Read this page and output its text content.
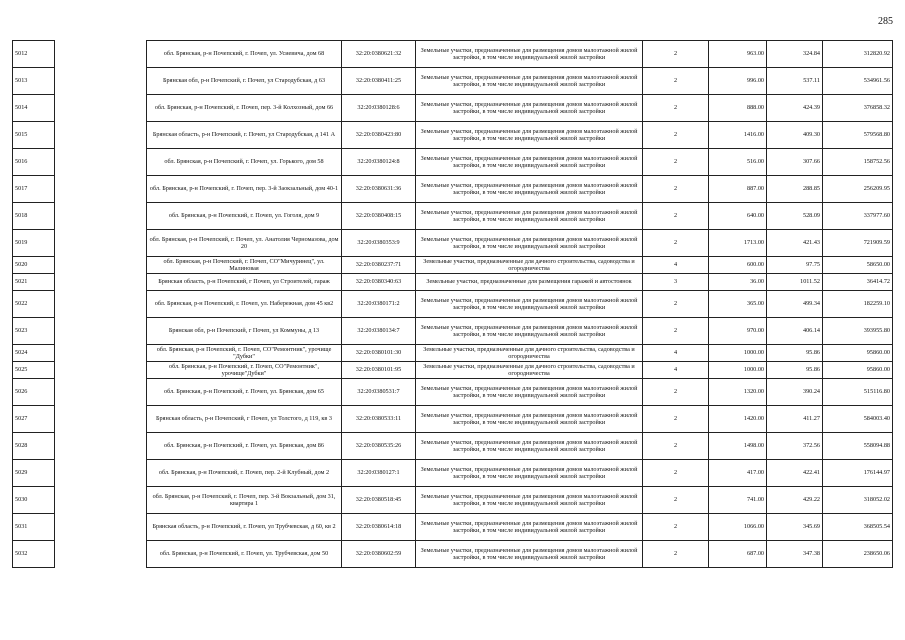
285
5012		обл. Брянская, р-н Почепский, г. Почеп, ул. Усиевича, дом 68	32:20:0380621:32	Земельные участки, предназначенные для размещения домов малоэтажной жилой застройки, в том числе индивидуальной жилой застройки	2	963.00	324.84	312820.92
5013		Брянская обл, р-н Почепский, г. Почеп, ул Стародубская, д 63	32:20:0380411:25	Земельные участки, предназначенные для размещения домов малоэтажной жилой застройки, в том числе индивидуальной жилой застройки	2	996.00	537.11	534961.56
5014		обл. Брянская, р-н Почепский, г. Почеп, пер. 3-й Колхозный, дом 66	32:20:0380128:6	Земельные участки, предназначенные для размещения домов малоэтажной жилой застройки, в том числе индивидуальной жилой застройки	2	888.00	424.39	376858.32
5015		Брянская область, р-н Почепский, г. Почеп, ул Стародубская, д 141 А	32:20:0380423:80	Земельные участки, предназначенные для размещения домов малоэтажной жилой застройки, в том числе индивидуальной жилой застройки	2	1416.00	409.30	579568.80
5016		обл. Брянская, р-н Почепский, г. Почеп, ул. Горького, дом 58	32:20:0380124:8	Земельные участки, предназначенные для размещения домов малоэтажной жилой застройки, в том числе индивидуальной жилой застройки	2	516.00	307.66	158752.56
5017		обл. Брянская, р-н Почепский, г. Почеп, пер. 3-й Заокзальный, дом 40-1	32:20:0380631:36	Земельные участки, предназначенные для размещения домов малоэтажной жилой застройки, в том числе индивидуальной жилой застройки	2	887.00	288.85	256209.95
5018		обл. Брянская, р-н Почепский, г. Почеп, ул. Гоголя, дом 9	32:20:0380408:15	Земельные участки, предназначенные для размещения домов малоэтажной жилой застройки, в том числе индивидуальной жилой застройки	2	640.00	528.09	337977.60
5019		обл. Брянская, р-н Почепский, г. Почеп, ул. Анатолия Черномазова, дом 20	32:20:0380353:9	Земельные участки, предназначенные для размещения домов малоэтажной жилой застройки, в том числе индивидуальной жилой застройки	2	1713.00	421.43	721909.59
5020		обл. Брянская, р-н Почепский, г. Почеп, СО"Мичуринец", ул. Малиновая	32:20:0380237:71	Земельные участки, предназначенные для дачного строительства, садоводства и огородничества	4	600.00	97.75	58650.00
5021		Брянская область, р-н Почепский, г Почеп, ул Строителей, гараж	32:20:0380340:63	Земельные участки, предназначенные для размещения гаражей и автостоянок	3	36.00	1011.52	36414.72
5022		обл. Брянская, р-н Почепский, г. Почеп, ул. Набережная, дом 45 кв2	32:20:0380171:2	Земельные участки, предназначенные для размещения домов малоэтажной жилой застройки, в том числе индивидуальной жилой застройки	2	365.00	499.34	182259.10
5023		Брянская обл, р-н Почепский, г Почеп, ул Коммуны, д 13	32:20:0380134:7	Земельные участки, предназначенные для размещения домов малоэтажной жилой застройки, в том числе индивидуальной жилой застройки	2	970.00	406.14	393955.80
5024		обл. Брянская, р-н Почепский, г. Почеп, СО"Ремонтник", урочище "Дубки"	32:20:0380101:30	Земельные участки, предназначенные для дачного строительства, садоводства и огородничества	4	1000.00	95.86	95860.00
5025		обл. Брянская, р-н Почепский, г. Почеп, СО"Ремонтник", урочище"Дубки"	32:20:0380101:95	Земельные участки, предназначенные для дачного строительства, садоводства и огородничества	4	1000.00	95.86	95860.00
5026		обл. Брянская, р-н Почепский, г. Почеп, ул. Брянская, дом 65	32:20:0380531:7	Земельные участки, предназначенные для размещения домов малоэтажной жилой застройки, в том числе индивидуальной жилой застройки	2	1320.00	390.24	515116.80
5027		Брянская область, р-н Почепский, г Почеп, ул Толстого, д 119, кв 3	32:20:0380533:11	Земельные участки, предназначенные для размещения домов малоэтажной жилой застройки, в том числе индивидуальной жилой застройки	2	1420.00	411.27	584003.40
5028		обл. Брянская, р-н Почепский, г. Почеп, ул. Брянская, дом 86	32:20:0380535:26	Земельные участки, предназначенные для размещения домов малоэтажной жилой застройки, в том числе индивидуальной жилой застройки	2	1498.00	372.56	558094.88
5029		обл. Брянская, р-н Почепский, г. Почеп, пер. 2-й Клубный, дом 2	32:20:0380127:1	Земельные участки, предназначенные для размещения домов малоэтажной жилой застройки, в том числе индивидуальной жилой застройки	2	417.00	422.41	176144.97
5030		обл. Брянская, р-н Почепский, г. Почеп, пер. 3-й Вокзальный, дом 31, квартира 1	32:20:0380518:45	Земельные участки, предназначенные для размещения домов малоэтажной жилой застройки, в том числе индивидуальной жилой застройки	2	741.00	429.22	318052.02
5031		Брянская область, р-н Почепский, г. Почеп, ул Трубчевская, д 60, кв 2	32:20:0380614:18	Земельные участки, предназначенные для размещения домов малоэтажной жилой застройки, в том числе индивидуальной жилой застройки	2	1066.00	345.69	368505.54
5032		обл. Брянская, р-н Почепский, г. Почеп, ул. Трубчевская, дом 50	32:20:0380602:59	Земельные участки, предназначенные для размещения домов малоэтажной жилой застройки, в том числе индивидуальной жилой застройки	2	687.00	347.38	238650.06
